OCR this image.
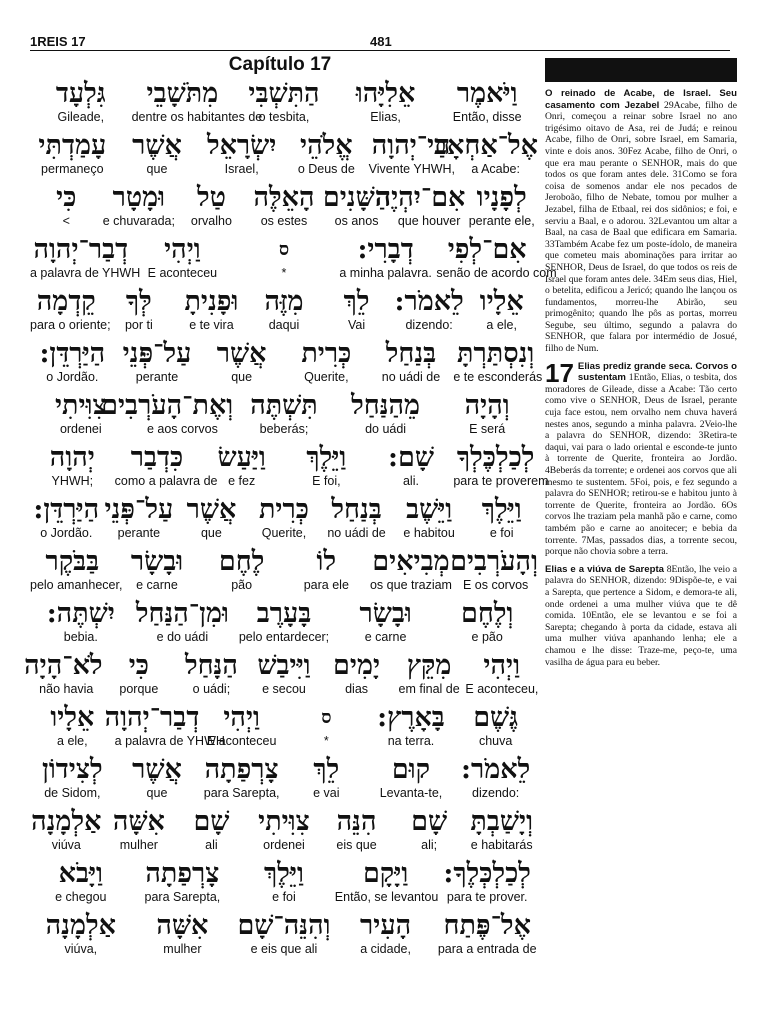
1REIS 17	481
Capítulo 17
גִּלְעָד
Gileade,
מִתֹּשָׁבֵי
dentre os habitantes de
הַתִּשְׁבִּי
o tesbita,
אֵלִיָּהוּ
Elias,
וַיֹּאמֶר
Então, disse
עָמַדְתִּי
permaneço
אֲשֶׁר
que
יִשְׂרָאֵל
Israel,
אֱלֹהֵי
o Deus de
חַי־יְהוָה
Vivente YHWH,
אֶל־אַחְאָב
a Acabe:
כִּי
<
וּמָטָר
e chuvarada;
טַל
orvalho
הָאֵלֶּה
os estes
הַשָּׁנִים
os anos
אִם־יִהְיֶה
que houver
לְפָנָיו
perante ele,
דְבַר־יְהוָה
a palavra de YHWH
וַיְהִי
E aconteceu
ס
*
דְבָרִי:
a minha palavra.
אִם־לְפִי
senão de acordo com
קֵדְמָה
para o oriente;
לְּךָ
por ti
וּפָנִיתָ
e te vira
מִזֶּה
daqui
לֵךְ
Vai
לֵאמֹר:
dizendo:
אֵלָיו
a ele,
הַיַּרְדֵּן:
o Jordão.
עַל־פְּנֵי
perante
אֲשֶׁר
que
כְּרִית
Querite,
בְּנַחַל
no uádi de
וְנִסְתַּרְתָּ
e te esconderás
צִוִּיתִי
ordenei
וְאֶת־הָעֹרְבִים
e aos corvos
תִּשְׁתֶּה
beberás;
מֵהַנַּחַל
do uádi
וְהָיָה
E será
יְהוָה
YHWH;
כִּדְבַר
como a palavra de
וַיַּעַשׂ
e fez
וַיֵּלֶךְ
E foi,
שָׁם:
ali.
לְכַלְכֶּלְךָ
para te proverem
הַיַּרְדֵּן:
o Jordão.
עַל־פְּנֵי
perante
אֲשֶׁר
que
כְּרִית
Querite,
בְּנַחַל
no uádi de
וַיֵּשֶׁב
e habitou
וַיֵּלֶךְ
e foi
בַּבֹּקֶר
pelo amanhecer,
וּבָשָׂר
e carne
לֶחֶם
pão
לוֹ
para ele
מְבִיאִים
os que traziam
וְהָעֹרְבִים
E os corvos
יִשְׁתֶּה:
bebia.
וּמִן־הַנַּחַל
e do uádi
בָּעָרֶב
pelo entardecer;
וּבָשָׂר
e carne
וְלֶחֶם
e pão
לֹא־הָיָה
não havia
כִּי
porque
הַנָּחַל
o uádi;
וַיִּיבַשׁ
e secou
יָמִים
dias
מִקֵּץ
em final de
וַיְהִי
E aconteceu,
אֵלָיו
a ele,
דְבַר־יְהוָה
a palavra de YHWH
וַיְהִי
E aconteceu
ס
*
בָּאָרֶץ:
na terra.
גֶּשֶׁם
chuva
לְצִידוֹן
de Sidom,
אֲשֶׁר
que
צָרְפַתָה
para Sarepta,
לֵךְ
e vai
קוּם
Levanta-te,
לֵאמֹר:
dizendo:
אַלְמָנָה
viúva
אִשָּׁה
mulher
שָׁם
ali
צִוִּיתִי
ordenei
הִנֵּה
eis que
שָׁם
ali;
וְיָשַׁבְתָּ
e habitarás
וַיָּבֹא
e chegou
צָרְפַתָה
para Sarepta,
וַיֵּלֶךְ
e foi
וַיָּקָם
Então, se levantou
לְכַלְכְּלֶךָ:
para te prover.
אַלְמָנָה
viúva,
אִשָּׁה
mulher
וְהִנֵּה־שָׁם
e eis que ali
הָעִיר
a cidade,
אֶל־פֶּתַח
para a entrada de

O reinado de Acabe, de Israel. Seu casamento com Jezabel 29Acabe, filho de Onri, começou a reinar sobre Israel no ano trigésimo oitavo de Asa, rei de Judá; e reinou Acabe, filho de Onri, sobre Israel, em Samaria, vinte e dois anos. 30Fez Acabe, filho de Onri, o que era mau perante o SENHOR, mais do que todos os que foram antes dele. 31Como se fora coisa de somenos andar ele nos pecados de Jeroboão, filho de Nebate, tomou por mulher a Jezabel, filha de Etbaal, rei dos sidônios; e foi, e serviu a Baal, e o adorou. 32Levantou um altar a Baal, na casa de Baal que edificara em Samaria. 33Também Acabe fez um poste-ídolo, de maneira que cometeu mais abominações para irritar ao SENHOR, Deus de Israel, do que todos os reis de Israel que foram antes dele. 34Em seus dias, Hiel, o betelita, edificou a Jericó; quando lhe lançou os fundamentos, morreu-lhe Abirão, seu primogênito; quando lhe pôs as portas, morreu Segube, seu último, segundo a palavra do SENHOR, que falara por intermédio de Josué, filho de Num.

17 Elias prediz grande seca. Corvos o sustentam 1Então, Elias, o tesbita, dos moradores de Gileade, disse a Acabe: Tão certo como vive o SENHOR, Deus de Israel, perante cuja face estou, nem orvalho nem chuva haverá nestes anos, segundo a minha palavra. 2Veio-lhe a palavra do SENHOR, dizendo: 3Retira-te daqui, vai para o lado oriental e esconde-te junto à torrente de Querite, fronteira ao Jordão. 4Beberás da torrente; e ordenei aos corvos que ali mesmo te sustentem. 5Foi, pois, e fez segundo a palavra do SENHOR; retirou-se e habitou junto à torrente de Querite, fronteira ao Jordão. 6Os corvos lhe traziam pela manhã pão e carne, como também pão e carne ao anoitecer; e bebia da torrente. 7Mas, passados dias, a torrente secou, porque não chovia sobre a terra.

Elias e a viúva de Sarepta 8Então, lhe veio a palavra do SENHOR, dizendo: 9Dispõe-te, e vai a Sarepta, que pertence a Sidom, e demora-te ali, onde ordenei a uma mulher viúva que te dê comida. 10Então, ele se levantou e se foi a Sarepta; chegando à porta da cidade, estava ali uma mulher viúva apanhando lenha; ele a chamou e lhe disse: Traze-me, peço-te, uma vasilha de água para eu beber.
